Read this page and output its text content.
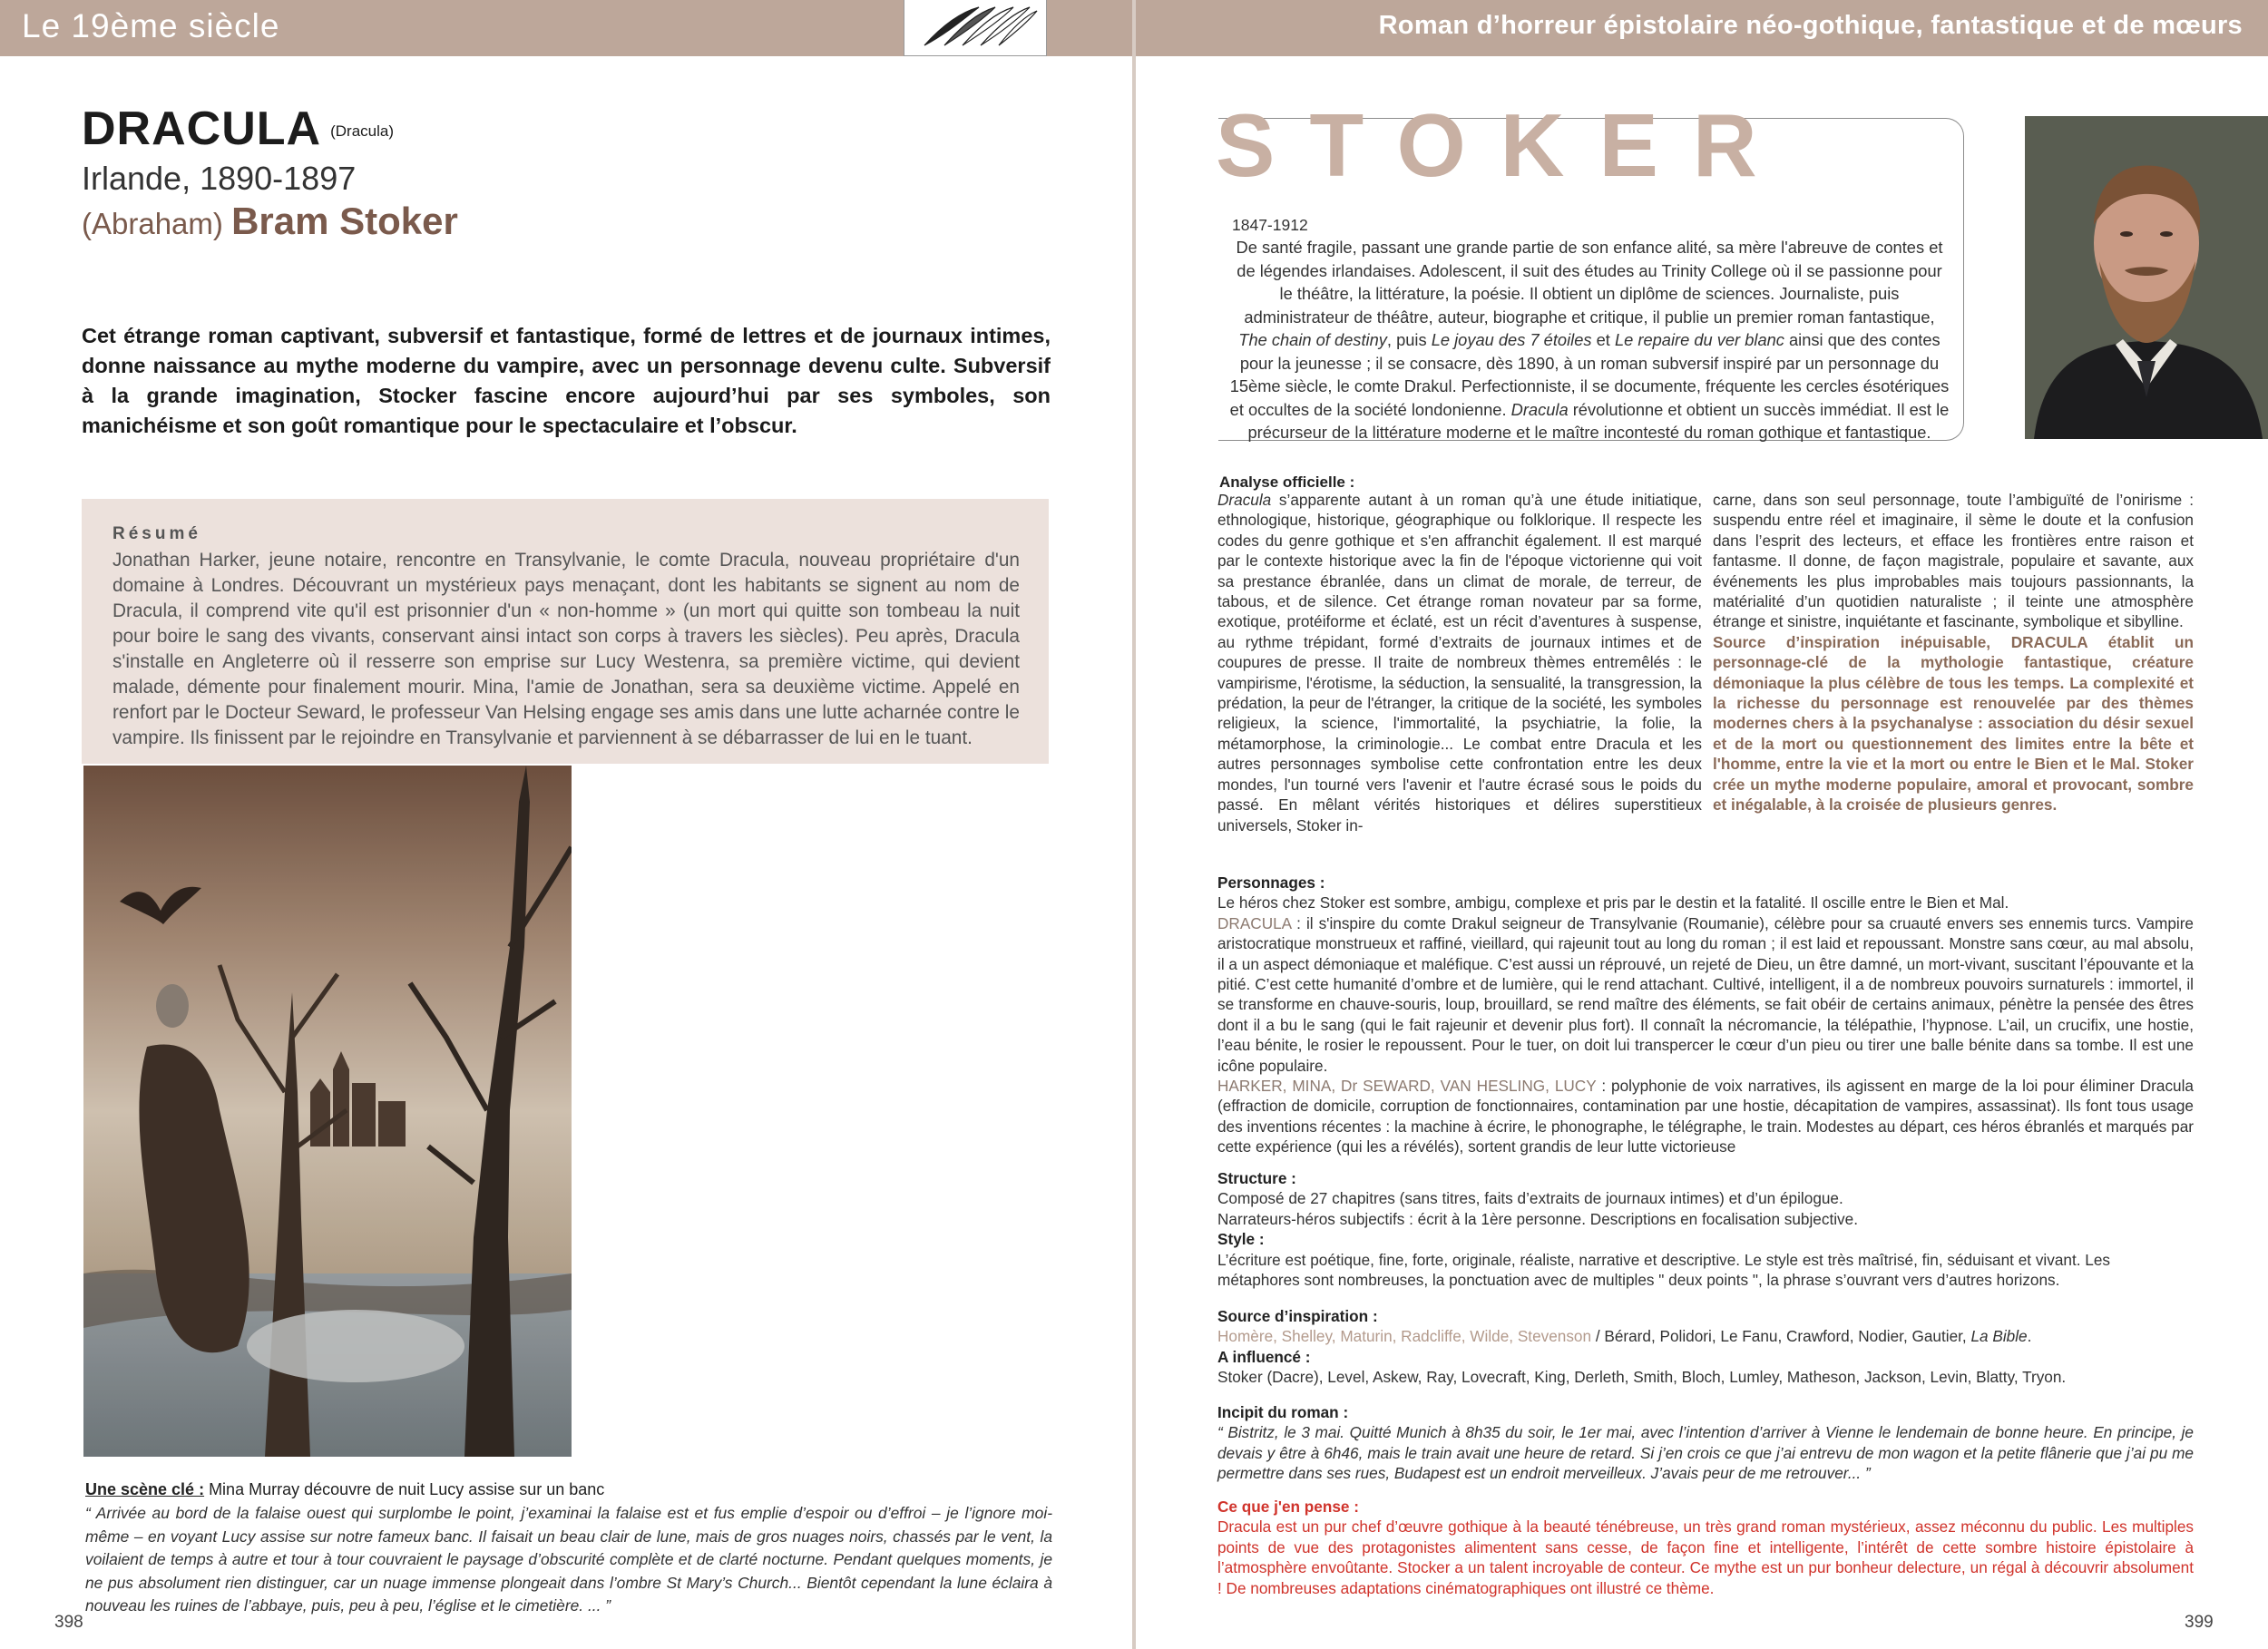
Le 19ème siècle	Roman d’horreur épistolaire néo-gothique, fantastique et de mœurs
DRACULA (Dracula)
Irlande, 1890-1897
(Abraham) Bram Stoker
Cet étrange roman captivant, subversif et fantastique, formé de lettres et de journaux intimes, donne naissance au mythe moderne du vampire, avec un personnage devenu culte. Subversif à la grande imagination, Stocker fascine encore aujourd’hui par ses symboles, son manichéisme et son goût romantique pour le spectaculaire et l’obscur.
Résumé
Jonathan Harker, jeune notaire, rencontre en Transylvanie, le comte Dracula, nouveau propriétaire d'un domaine à Londres. Découvrant un mystérieux pays menaçant, dont les habitants se signent au nom de Dracula, il comprend vite qu'il est prisonnier d'un « non-homme » (un mort qui quitte son tombeau la nuit pour boire le sang des vivants, conservant ainsi intact son corps à travers les siècles). Peu après, Dracula s'installe en Angleterre où il resserre son emprise sur Lucy Westenra, sa première victime, qui devient malade, démente pour finalement mourir. Mina, l'amie de Jonathan, sera sa deuxième victime. Appelé en renfort par le Docteur Seward, le professeur Van Helsing engage ses amis dans une lutte acharnée contre le vampire. Ils finissent par le rejoindre en Transylvanie et parviennent à se débarrasser de lui en le tuant.
Une scène clé : Mina Murray découvre de nuit Lucy assise sur un banc
“ Arrivée au bord de la falaise ouest qui surplombe le point, j’examinai la falaise est et fus emplie d’espoir ou d’effroi – je l’ignore moi-même – en voyant Lucy assise sur notre fameux banc. Il faisait un beau clair de lune, mais de gros nuages noirs, chassés par le vent, la voilaient de temps à autre et tour à tour couvraient le paysage d’obscurité complète et de clarté nocturne. Pendant quelques moments, je ne pus absolument rien distinguer, car un nuage immense plongeait dans l’ombre St Mary’s Church... Bientôt cependant la lune éclaira à nouveau les ruines de l’abbaye, puis, peu à peu, l’église et le cimetière. ... ”
398
STOKER
1847-1912
De santé fragile, passant une grande partie de son enfance alité, sa mère l'abreuve de contes et de légendes irlandaises. Adolescent, il suit des études au Trinity College où il se passionne pour le théâtre, la littérature, la poésie. Il obtient un diplôme de sciences. Journaliste, puis administrateur de théâtre, auteur, biographe et critique, il publie un premier roman fantastique, The chain of destiny, puis Le joyau des 7 étoiles et Le repaire du ver blanc ainsi que des contes pour la jeunesse ; il se consacre, dès 1890, à un roman subversif inspiré par un personnage du 15ème siècle, le comte Drakul. Perfectionniste, il se documente, fréquente les cercles ésotériques et occultes de la société londonienne. Dracula révolutionne et obtient un succès immédiat. Il est le précurseur de la littérature moderne et le maître incontesté du roman gothique et fantastique.
Analyse officielle :
Dracula s’apparente autant à un roman qu’à une étude initiatique, ethnologique, historique, géographique ou folklorique. Il respecte les codes du genre gothique et s'en affranchit également. Il est marqué par le contexte historique avec la fin de l'époque victorienne qui voit sa prestance ébranlée, dans un climat de morale, de terreur, de tabous, et de silence. Cet étrange roman novateur par sa forme, exotique, protéiforme et éclaté, est un récit d’aventures à suspense, au rythme trépidant, formé d’extraits de journaux intimes et de coupures de presse. Il traite de nombreux thèmes entremêlés : le vampirisme, l'érotisme, la séduction, la sensualité, la transgression, la prédation, la peur de l'étranger, la critique de la société, les symboles religieux, la science, l'immortalité, la psychiatrie, la folie, la métamorphose, la criminologie... Le combat entre Dracula et les autres personnages symbolise cette confrontation entre les deux mondes, l'un tourné vers l'avenir et l'autre écrasé sous le poids du passé. En mêlant vérités historiques et délires superstitieux universels, Stoker in-
carne, dans son seul personnage, toute l’ambiguïté de l’onirisme : suspendu entre réel et imaginaire, il sème le doute et la confusion dans l’esprit des lecteurs, et efface les frontières entre raison et fantasme. Il donne, de façon magistrale, populaire et savante, aux événements les plus improbables mais toujours passionnants, la matérialité d’un quotidien naturaliste ; il teinte une atmosphère étrange et sinistre, inquiétante et fascinante, symbolique et sibylline.
Source d’inspiration inépuisable, DRACULA établit un personnage-clé de la mythologie fantastique, créature démoniaque la plus célèbre de tous les temps. La complexité et la richesse du personnage est renouvelée par des thèmes modernes chers à la psychanalyse : association du désir sexuel et de la mort ou questionnement des limites entre la bête et l'homme, entre la vie et la mort ou entre le Bien et le Mal. Stoker crée un mythe moderne populaire, amoral et provocant, sombre et inégalable, à la croisée de plusieurs genres.

Personnages :

Le héros chez Stoker est sombre, ambigu, complexe et pris par le destin et la fatalité. Il oscille entre le Bien et Mal.

DRACULA : il s'inspire du comte Drakul seigneur de Transylvanie (Roumanie), célèbre pour sa cruauté envers ses ennemis turcs. Vampire aristocratique monstrueux et raffiné, vieillard, qui rajeunit tout au long du roman ; il est laid et repoussant. Monstre sans cœur, au mal absolu, il a un aspect démoniaque et maléfique. C’est aussi un réprouvé, un rejeté de Dieu, un être damné, un mort-vivant, suscitant l’épouvante et la pitié. C’est cette humanité d’ombre et de lumière, qui le rend attachant. Cultivé, intelligent, il a de nombreux pouvoirs surnaturels : immortel, il se transforme en chauve-souris, loup, brouillard, se rend maître des éléments, se fait obéir de certains animaux, pénètre la pensée des êtres dont il a bu le sang (qui le fait rajeunir et devenir plus fort). Il connaît la nécromancie, la télépathie, l’hypnose. L’ail, un crucifix, une hostie, l’eau bénite, le rosier le repoussent. Pour le tuer, on doit lui transpercer le cœur d’un pieu ou tirer une balle bénite dans sa tombe. Il est une icône populaire.

HARKER, MINA, Dr SEWARD, VAN HESLING, LUCY : polyphonie de voix narratives, ils agissent en marge de la loi pour éliminer Dracula (effraction de domicile, corruption de fonctionnaires, contamination par une hostie, décapitation de vampires, assassinat). Ils font tous usage des inventions récentes : la machine à écrire, le phonographe, le télégraphe, le train. Modestes au départ, ces héros ébranlés et marqués par cette expérience (qui les a révélés), sortent grandis de leur lutte victorieuse

Structure :

Composé de 27 chapitres (sans titres, faits d’extraits de journaux intimes) et d’un épilogue.

Narrateurs-héros subjectifs : écrit à la 1ère personne. Descriptions en focalisation subjective.

Style :

L’écriture est poétique, fine, forte, originale, réaliste, narrative et descriptive. Le style est très maîtrisé, fin, séduisant et vivant. Les métaphores sont nombreuses, la ponctuation avec de multiples " deux points ", la phrase s’ouvrant vers d’autres horizons.

Source d’inspiration :

Homère, Shelley, Maturin, Radcliffe, Wilde, Stevenson / Bérard, Polidori, Le Fanu, Crawford, Nodier, Gautier, La Bible.

A influencé :

Stoker (Dacre), Level, Askew, Ray, Lovecraft, King, Derleth, Smith, Bloch, Lumley, Matheson, Jackson, Levin, Blatty, Tryon.

Incipit du roman :

“ Bistritz, le 3 mai. Quitté Munich à 8h35 du soir, le 1er mai, avec l’intention d’arriver à Vienne le lendemain de bonne heure. En principe, je devais y être à 6h46, mais le train avait une heure de retard. Si j’en crois ce que j’ai entrevu de mon wagon et la petite flânerie que j’ai pu me permettre dans ses rues, Budapest est un endroit merveilleux. J’avais peur de me retrouver... ”

Ce que j'en pense :

Dracula est un pur chef d’œuvre gothique à la beauté ténébreuse, un très grand roman mystérieux, assez méconnu du public. Les multiples points de vue des protagonistes alimentent sans cesse, de façon fine et intelligente, l’intérêt de cette sombre histoire épistolaire à l’atmosphère envoûtante. Stocker a un talent incroyable de conteur. Ce mythe est un pur bonheur delecture, un régal à découvrir absolument ! De nombreuses adaptations cinématographiques ont illustré ce thème.

399
